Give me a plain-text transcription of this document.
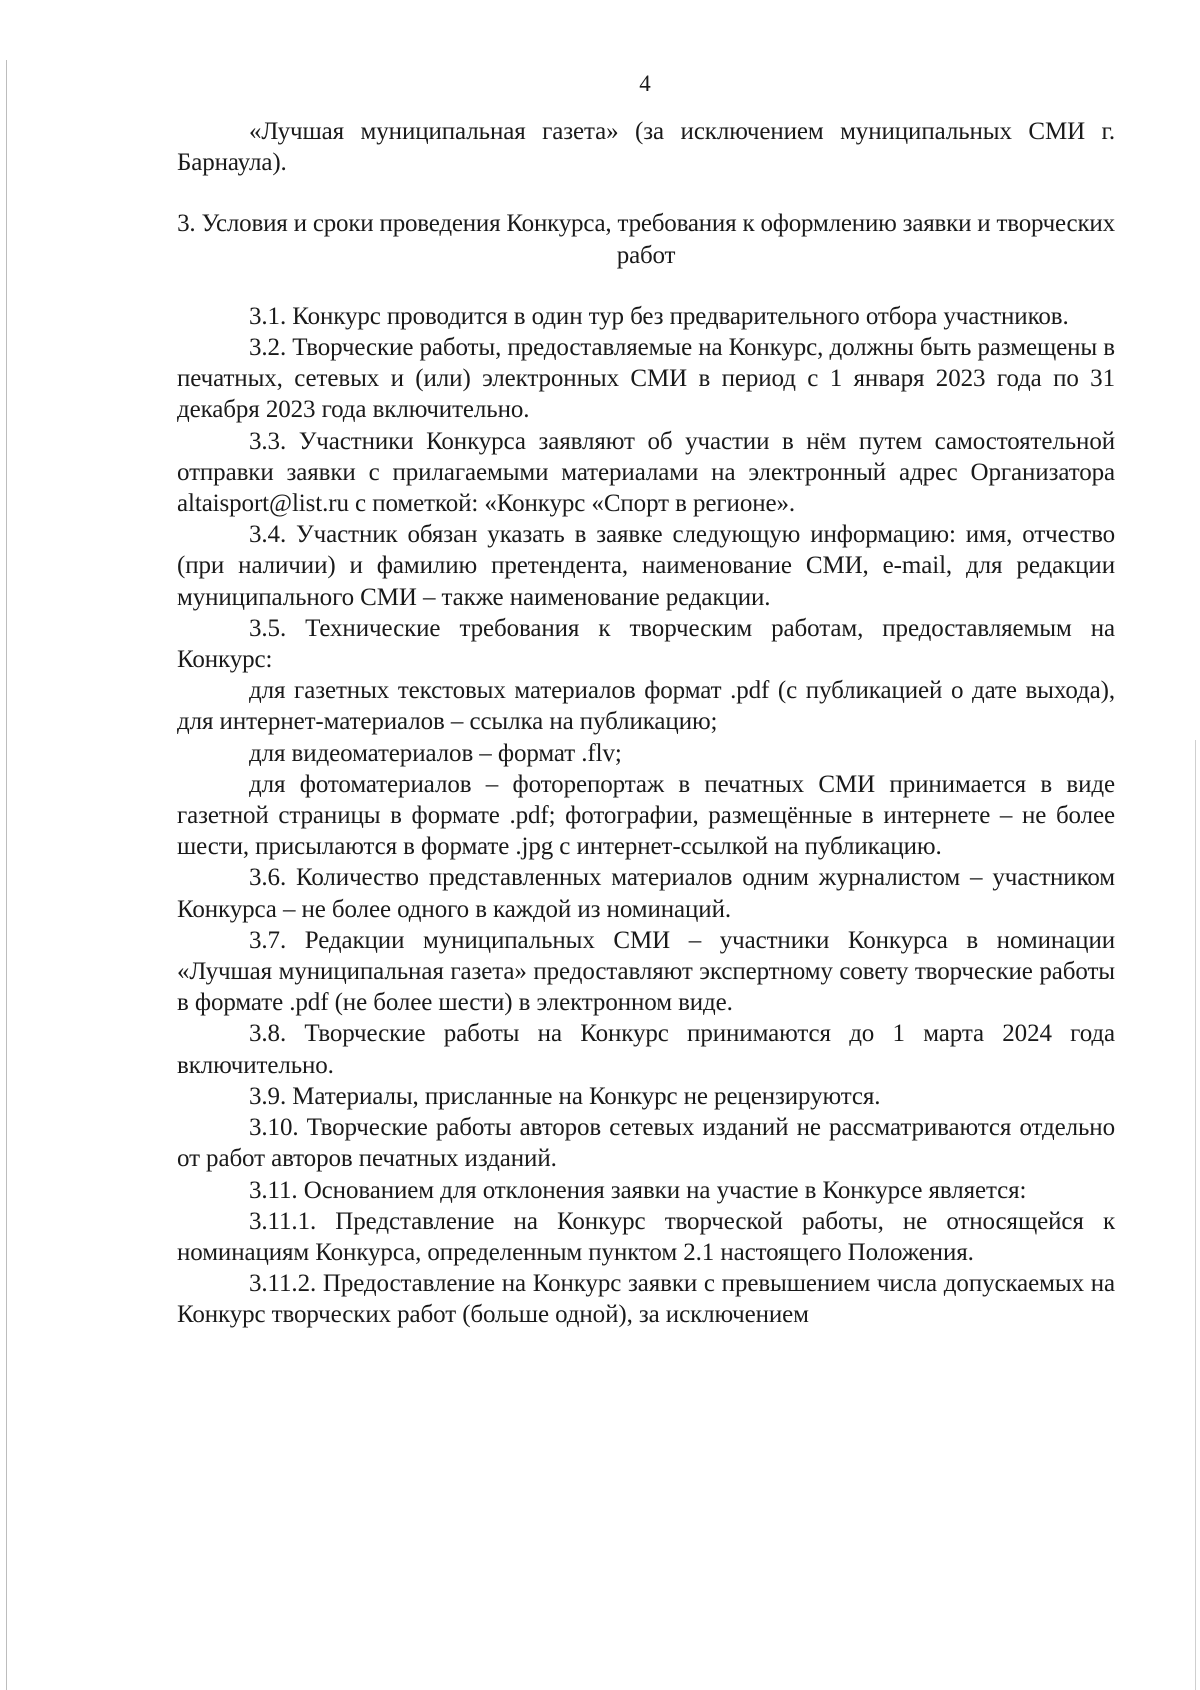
4

«Лучшая муниципальная газета» (за исключением муниципальных СМИ г. Барнаула).

3. Условия и сроки проведения Конкурса, требования к оформлению заявки и творческих работ

3.1. Конкурс проводится в один тур без предварительного отбора участников.

3.2. Творческие работы, предоставляемые на Конкурс, должны быть размещены в печатных, сетевых и (или) электронных СМИ в период с 1 января 2023 года по 31 декабря 2023 года включительно.

3.3. Участники Конкурса заявляют об участии в нём путем самостоятельной отправки заявки с прилагаемыми материалами на электронный адрес Организатора altaisport@list.ru с пометкой: «Конкурс «Спорт в регионе».

3.4. Участник обязан указать в заявке следующую информацию: имя, отчество (при наличии) и фамилию претендента, наименование СМИ, e-mail, для редакции муниципального СМИ – также наименование редакции.

3.5. Технические требования к творческим работам, предоставляемым на Конкурс:

для газетных текстовых материалов формат .pdf (с публикацией о дате выхода), для интернет-материалов – ссылка на публикацию;

для видеоматериалов – формат .flv;

для фотоматериалов – фоторепортаж в печатных СМИ принимается в виде газетной страницы в формате .pdf; фотографии, размещённые в интернете – не более шести, присылаются в формате .jpg с интернет-ссылкой на публикацию.

3.6. Количество представленных материалов одним журналистом – участником Конкурса – не более одного в каждой из номинаций.

3.7. Редакции муниципальных СМИ – участники Конкурса в номинации «Лучшая муниципальная газета» предоставляют экспертному совету творческие работы в формате .pdf (не более шести) в электронном виде.

3.8. Творческие работы на Конкурс принимаются до 1 марта 2024 года включительно.

3.9. Материалы, присланные на Конкурс не рецензируются.

3.10. Творческие работы авторов сетевых изданий не рассматриваются отдельно от работ авторов печатных изданий.

3.11. Основанием для отклонения заявки на участие в Конкурсе является:

3.11.1. Представление на Конкурс творческой работы, не относящейся к номинациям Конкурса, определенным пунктом 2.1 настоящего Положения.

3.11.2. Предоставление на Конкурс заявки с превышением числа допускаемых на Конкурс творческих работ (больше одной), за исключением
